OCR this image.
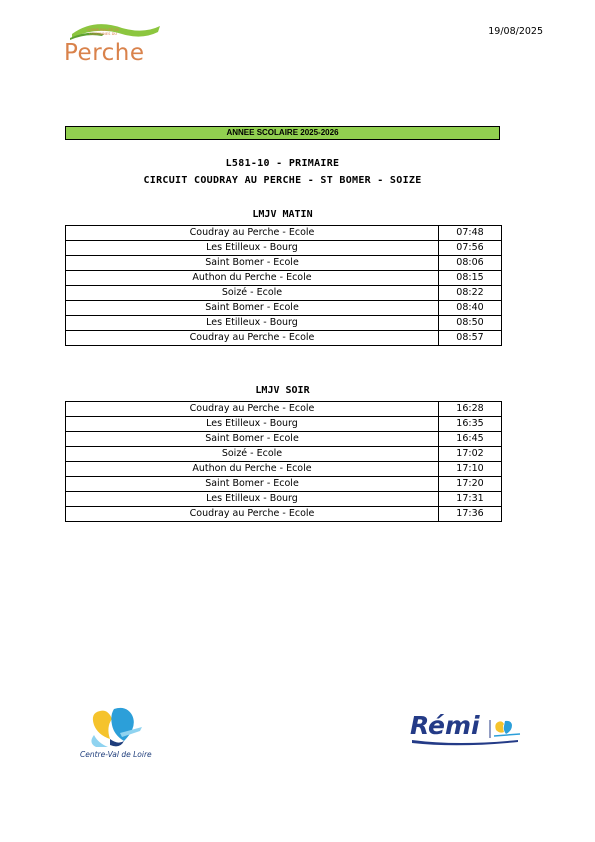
19/08/2025
COMMUNAUTÉ DE COMMUNES DU
Perche
ANNEE SCOLAIRE 2025-2026
L581-10 - PRIMAIRE
CIRCUIT COUDRAY AU PERCHE - ST BOMER - SOIZE
LMJV MATIN
Coudray au Perche - Ecole	07:48
Les Etilleux - Bourg	07:56
Saint Bomer - Ecole	08:06
Authon du Perche - Ecole	08:15
Soizé - Ecole	08:22
Saint Bomer - Ecole	08:40
Les Etilleux - Bourg	08:50
Coudray au Perche - Ecole	08:57
LMJV SOIR
Coudray au Perche - Ecole	16:28
Les Etilleux - Bourg	16:35
Saint Bomer - Ecole	16:45
Soizé - Ecole	17:02
Authon du Perche - Ecole	17:10
Saint Bomer - Ecole	17:20
Les Etilleux - Bourg	17:31
Coudray au Perche - Ecole	17:36
Centre-Val de Loire
Rémi
